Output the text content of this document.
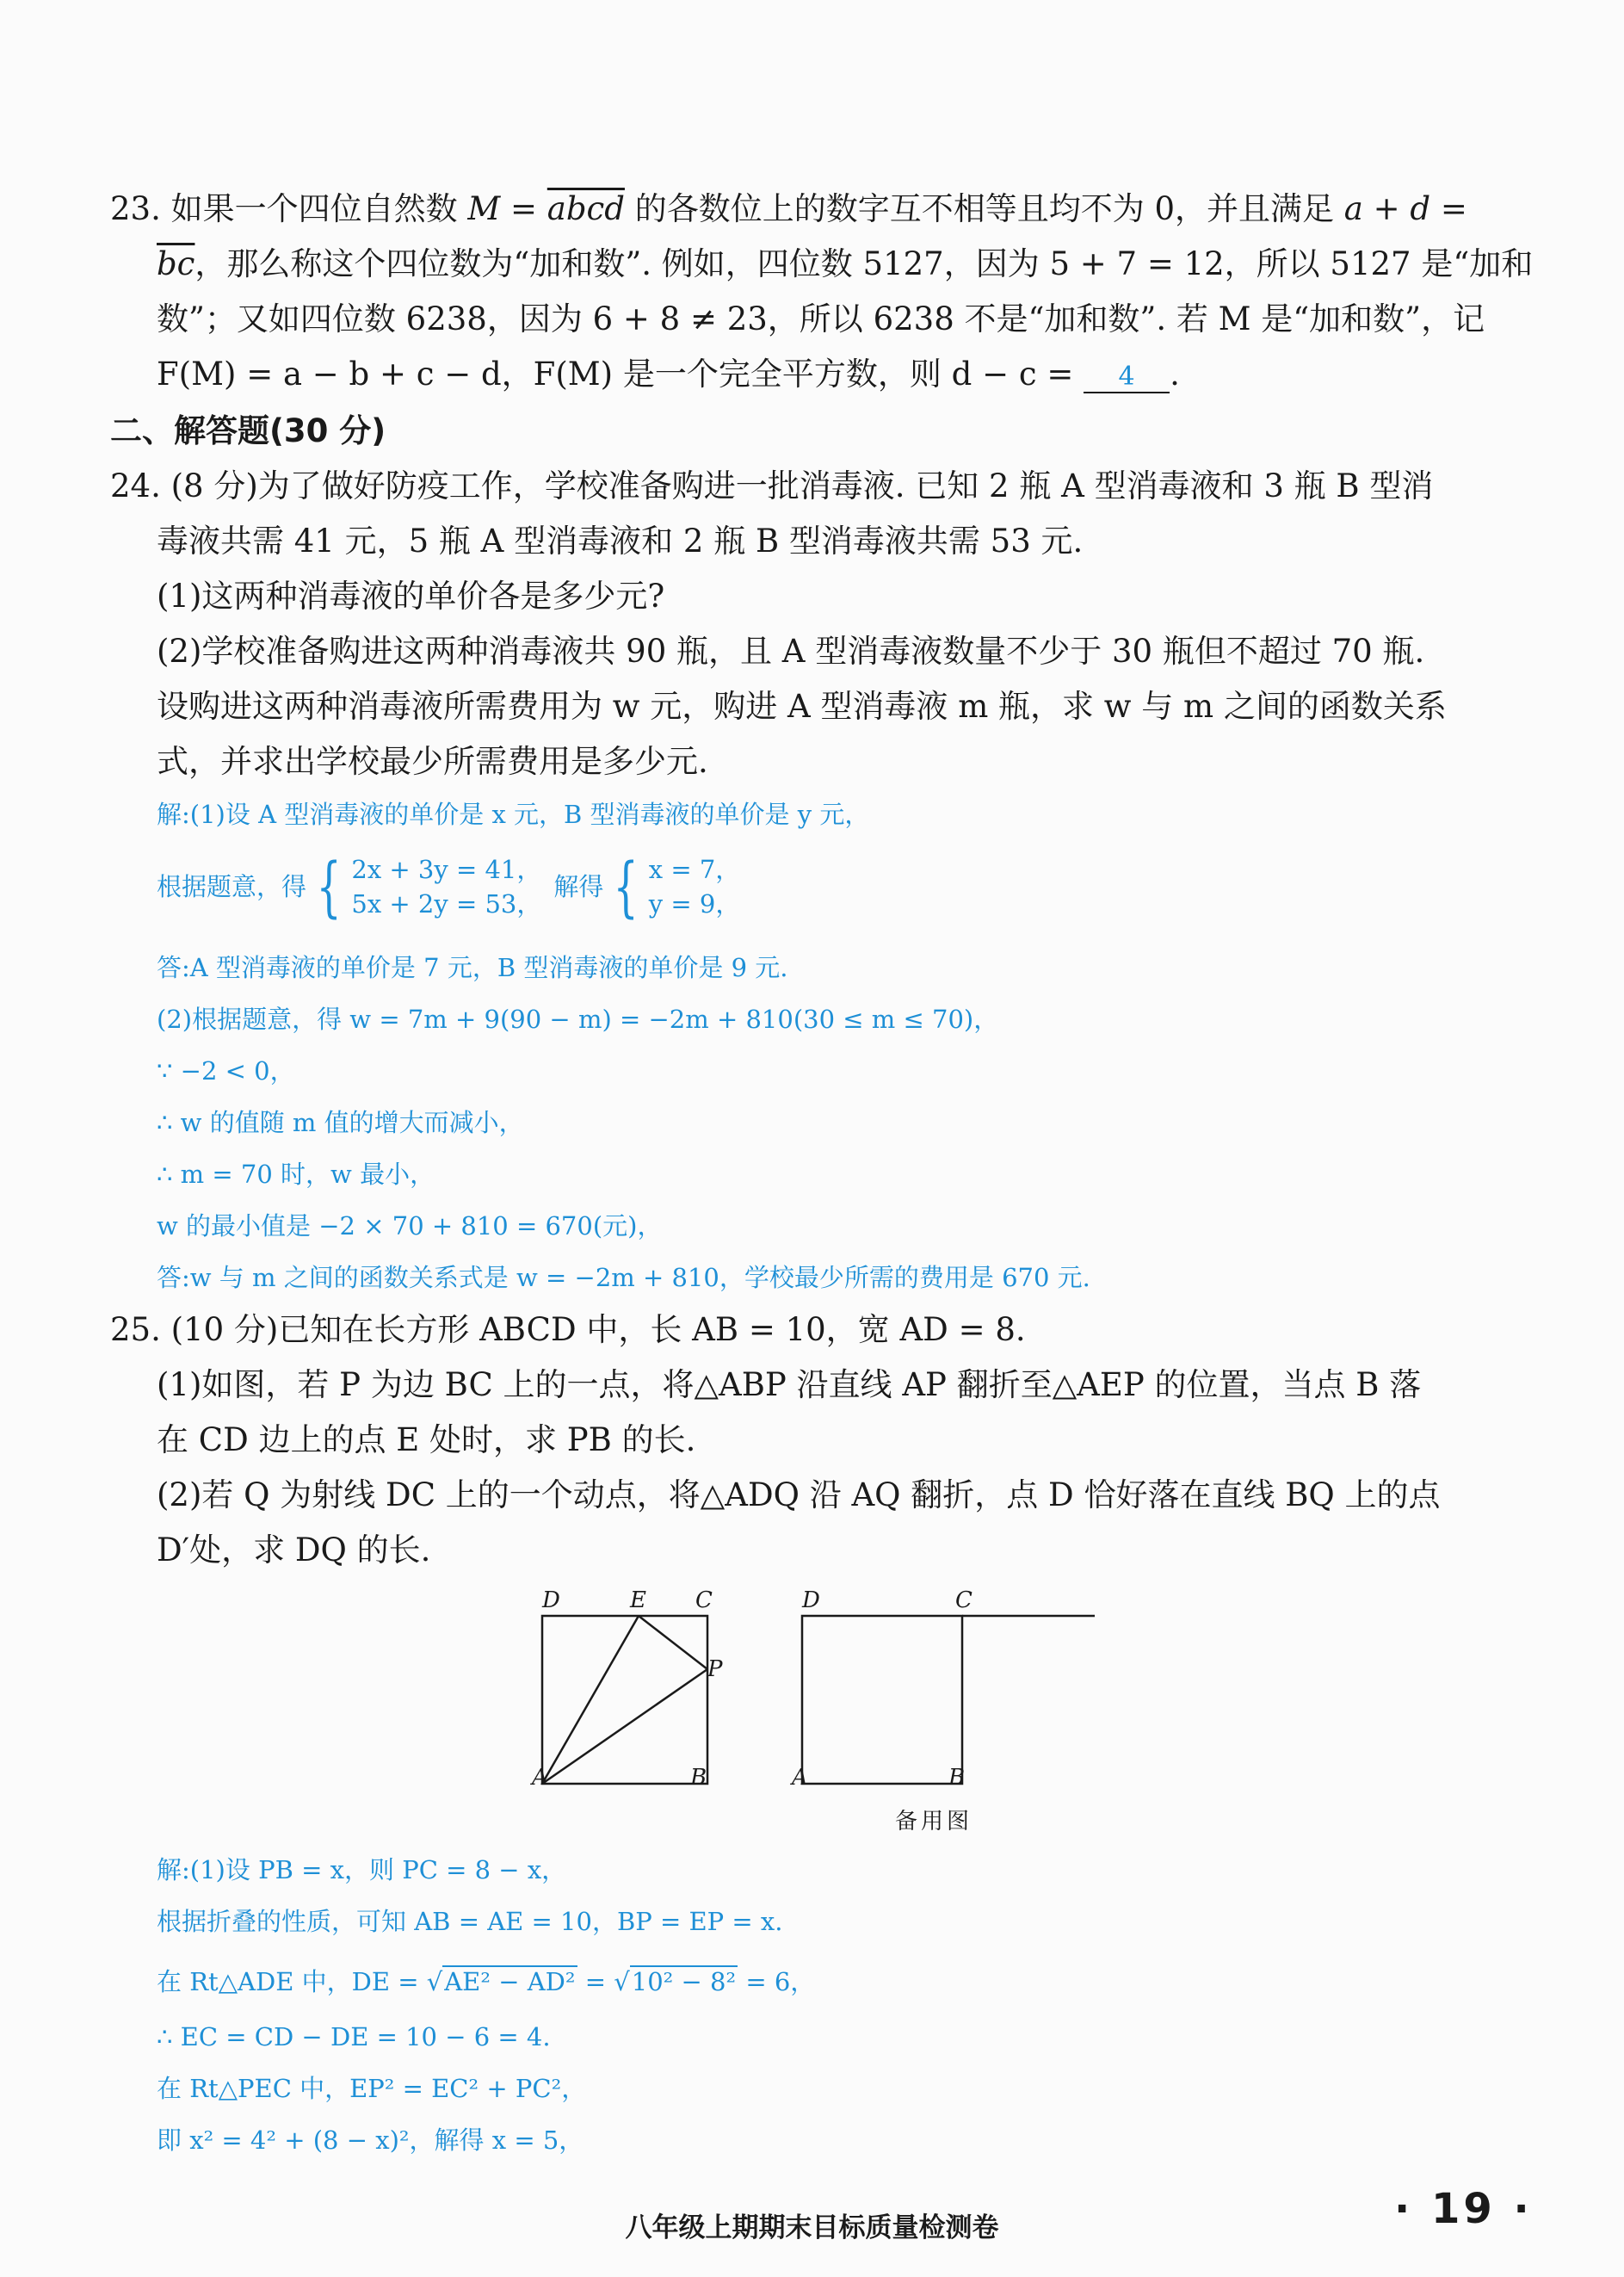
23. 如果一个四位自然数 M = abcd 的各数位上的数字互不相等且均不为 0，并且满足 a + d =
$\overline{bc}$，那么称这个四位数为“加和数”. 例如，四位数 5127，因为 5 + 7 = 12，所以 5127 是“加和
数”；又如四位数 6238，因为 6 + 8 ≠ 23，所以 6238 不是“加和数”. 若 M 是“加和数”，记
F(M) = a − b + c − d，F(M) 是一个完全平方数，则 d − c = 4 .
二、解答题(30 分)
24. (8 分)为了做好防疫工作，学校准备购进一批消毒液. 已知 2 瓶 A 型消毒液和 3 瓶 B 型消
毒液共需 41 元，5 瓶 A 型消毒液和 2 瓶 B 型消毒液共需 53 元.
(1)这两种消毒液的单价各是多少元?
(2)学校准备购进这两种消毒液共 90 瓶，且 A 型消毒液数量不少于 30 瓶但不超过 70 瓶.
设购进这两种消毒液所需费用为 w 元，购进 A 型消毒液 m 瓶，求 w 与 m 之间的函数关系
式，并求出学校最少所需费用是多少元.
解:(1)设 A 型消毒液的单价是 x 元，B 型消毒液的单价是 y 元，
根据题意，得 { 2x + 3y = 41，
5x + 2y = 53，
解得 { x = 7，
y = 9，
答:A 型消毒液的单价是 7 元，B 型消毒液的单价是 9 元.
(2)根据题意，得 w = 7m + 9(90 − m) = −2m + 810(30 ≤ m ≤ 70)，
∵ −2 < 0，
∴ w 的值随 m 值的增大而减小，
∴ m = 70 时，w 最小，
w 的最小值是 −2 × 70 + 810 = 670(元)，
答:w 与 m 之间的函数关系式是 w = −2m + 810，学校最少所需的费用是 670 元.
25. (10 分)已知在长方形 ABCD 中，长 AB = 10，宽 AD = 8.
(1)如图，若 P 为边 BC 上的一点，将△ABP 沿直线 AP 翻折至△AEP 的位置，当点 B 落
在 CD 边上的点 E 处时，求 PB 的长.
(2)若 Q 为射线 DC 上的一个动点，将△ADQ 沿 AQ 翻折，点 D 恰好落在直线 BQ 上的点
D′处，求 DQ 的长.
D	E C
P
A	B
D	C
A	B
备用图
解:(1)设 PB = x，则 PC = 8 − x，
根据折叠的性质，可知 AB = AE = 10，BP = EP = x.
在 Rt△ADE 中，DE = √AE² − AD² = √10² − 8² = 6，
∴ EC = CD − DE = 10 − 6 = 4.
在 Rt△PEC 中，EP² = EC² + PC²，
即 x² = 4² + (8 − x)²，解得 x = 5，
八年级上期期末目标质量检测卷	· 19 ·
